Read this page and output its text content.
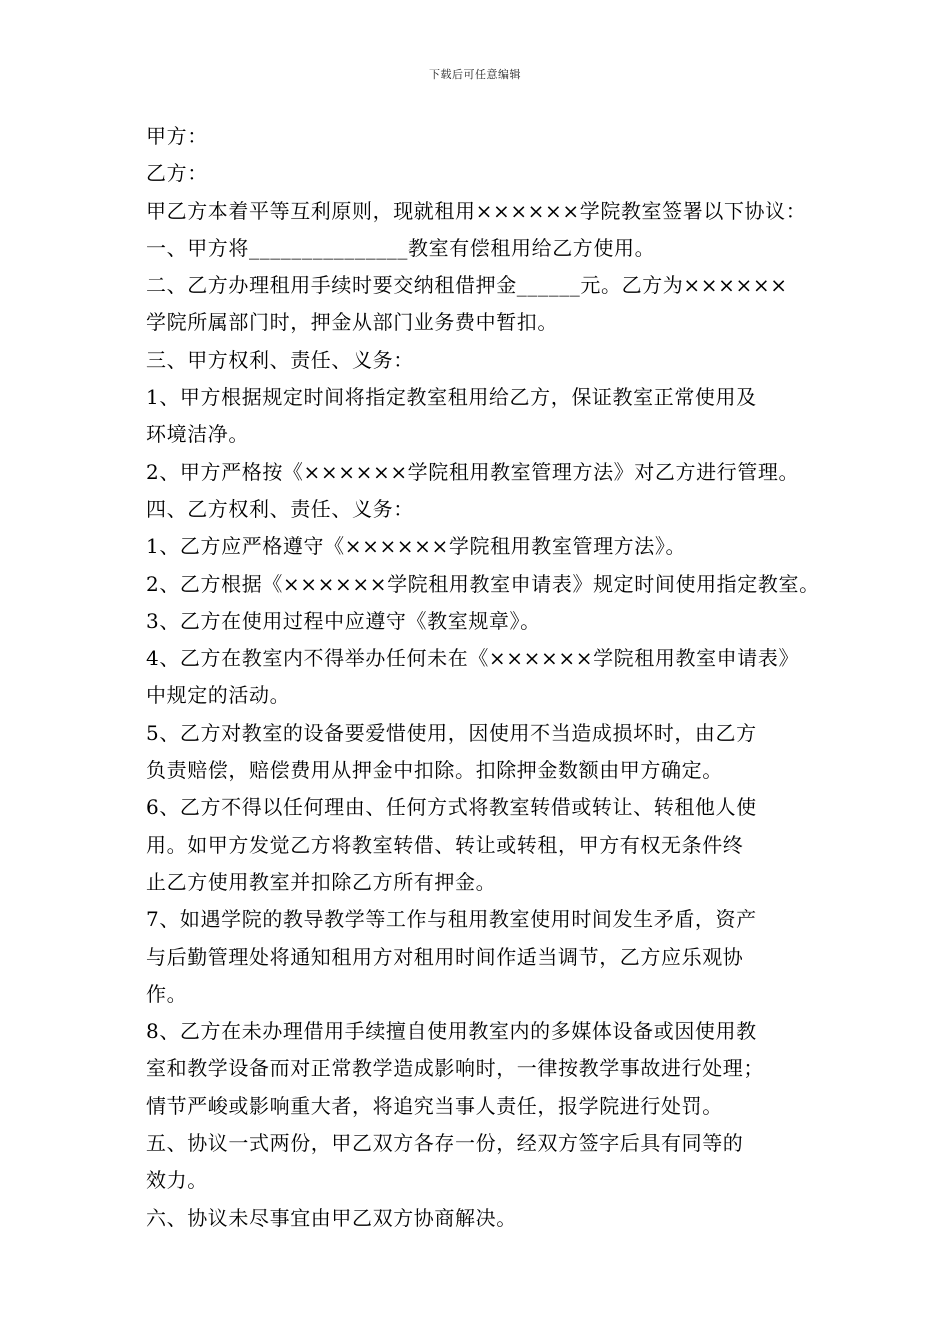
下载后可任意编辑
甲方：
乙方：
甲乙方本着平等互利原则，现就租用××××××学院教室签署以下协议：
一、甲方将_______________教室有偿租用给乙方使用。
二、乙方办理租用手续时要交纳租借押金______元。乙方为××××××
学院所属部门时，押金从部门业务费中暂扣。
三、甲方权利、责任、义务：
1、甲方根据规定时间将指定教室租用给乙方，保证教室正常使用及
环境洁净。
2、甲方严格按《××××××学院租用教室管理方法》对乙方进行管理。
四、乙方权利、责任、义务：
1、乙方应严格遵守《××××××学院租用教室管理方法》。
2、乙方根据《××××××学院租用教室申请表》规定时间使用指定教室。
3、乙方在使用过程中应遵守《教室规章》。
4、乙方在教室内不得举办任何未在《××××××学院租用教室申请表》
中规定的活动。
5、乙方对教室的设备要爱惜使用，因使用不当造成损坏时，由乙方
负责赔偿，赔偿费用从押金中扣除。扣除押金数额由甲方确定。
6、乙方不得以任何理由、任何方式将教室转借或转让、转租他人使
用。如甲方发觉乙方将教室转借、转让或转租，甲方有权无条件终
止乙方使用教室并扣除乙方所有押金。
7、如遇学院的教导教学等工作与租用教室使用时间发生矛盾，资产
与后勤管理处将通知租用方对租用时间作适当调节，乙方应乐观协
作。
8、乙方在未办理借用手续擅自使用教室内的多媒体设备或因使用教
室和教学设备而对正常教学造成影响时，一律按教学事故进行处理；
情节严峻或影响重大者，将追究当事人责任，报学院进行处罚。
五、协议一式两份，甲乙双方各存一份，经双方签字后具有同等的
效力。
六、协议未尽事宜由甲乙双方协商解决。
